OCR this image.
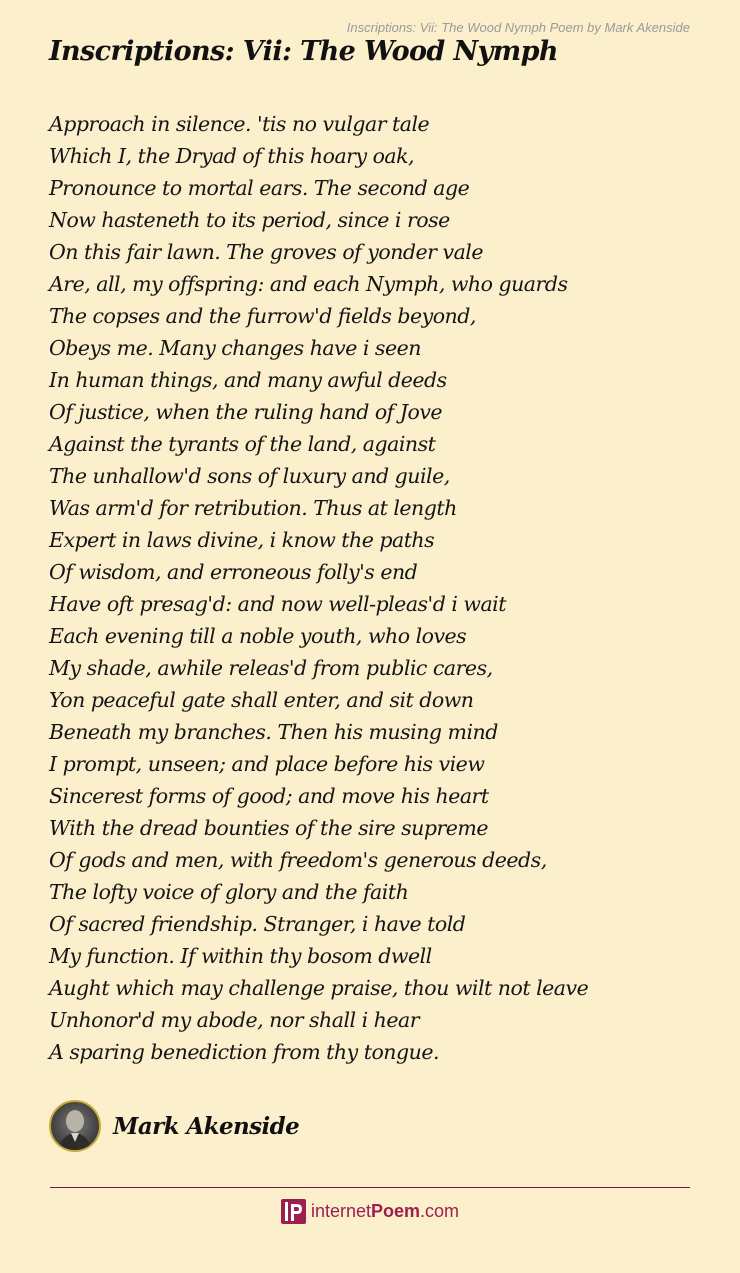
Inscriptions: Vii: The Wood Nymph Poem by Mark Akenside
Inscriptions: Vii: The Wood Nymph
Approach in silence. 'tis no vulgar tale
Which I, the Dryad of this hoary oak,
Pronounce to mortal ears. The second age
Now hasteneth to its period, since i rose
On this fair lawn. The groves of yonder vale
Are, all, my offspring: and each Nymph, who guards
The copses and the furrow'd fields beyond,
Obeys me. Many changes have i seen
In human things, and many awful deeds
Of justice, when the ruling hand of Jove
Against the tyrants of the land, against
The unhallow'd sons of luxury and guile,
Was arm'd for retribution. Thus at length
Expert in laws divine, i know the paths
Of wisdom, and erroneous folly's end
Have oft presag'd: and now well-pleas'd i wait
Each evening till a noble youth, who loves
My shade, awhile releas'd from public cares,
Yon peaceful gate shall enter, and sit down
Beneath my branches. Then his musing mind
I prompt, unseen; and place before his view
Sincerest forms of good; and move his heart
With the dread bounties of the sire supreme
Of gods and men, with freedom's generous deeds,
The lofty voice of glory and the faith
Of sacred friendship. Stranger, i have told
My function. If within thy bosom dwell
Aught which may challenge praise, thou wilt not leave
Unhonor'd my abode, nor shall i hear
A sparing benediction from thy tongue.
Mark Akenside
internetPoem.com
